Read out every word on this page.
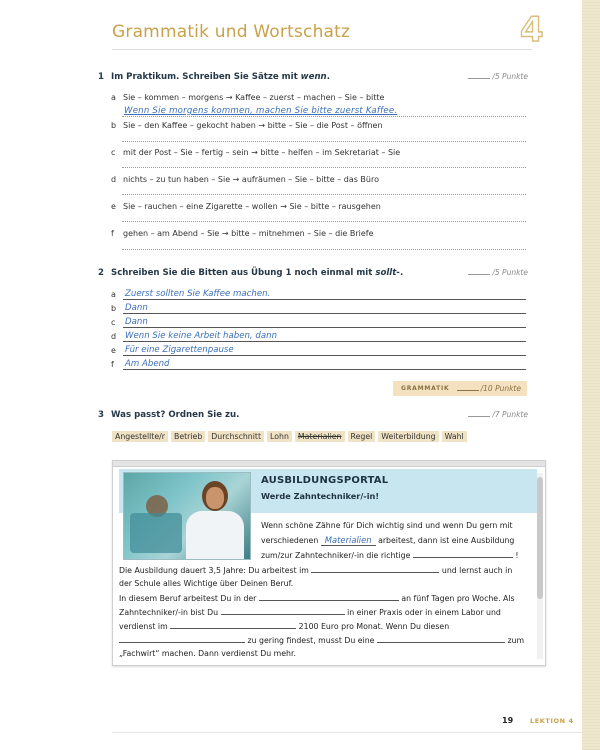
Grammatik und Wortschatz	4
1 Im Praktikum. Schreiben Sie Sätze mit wenn.	/5 Punkte
a Sie – kommen – morgens → Kaffee – zuerst – machen – Sie – bitte
Wenn Sie morgens kommen, machen Sie bitte zuerst Kaffee.
b Sie – den Kaffee – gekocht haben → bitte – Sie – die Post – öffnen
c mit der Post – Sie – fertig – sein → bitte – helfen – im Sekretariat – Sie
d nichts – zu tun haben – Sie → aufräumen – Sie – bitte – das Büro
e Sie – rauchen – eine Zigarette – wollen → Sie – bitte – rausgehen
f gehen – am Abend – Sie → bitte – mitnehmen – Sie – die Briefe
2 Schreiben Sie die Bitten aus Übung 1 noch einmal mit sollt-.	/5 Punkte
a Zuerst sollten Sie Kaffee machen.
b Dann
c Dann
d Wenn Sie keine Arbeit haben, dann
e Für eine Zigarettenpause
f Am Abend
GRAMMATIK	/10 Punkte
3 Was passt? Ordnen Sie zu.	/7 Punkte
Angestellte/r	Betrieb	Durchschnitt	Lohn	Materialien	Regel	Weiterbildung	Wahl
AUSBILDUNGSPORTAL
Werde Zahntechniker/-in!
Wenn schöne Zähne für Dich wichtig sind und wenn Du gern mit
verschiedenen Materialien arbeitest, dann ist eine Ausbildung
zum/zur Zahntechniker/-in die richtige	!
Die Ausbildung dauert 3,5 Jahre: Du arbeitest im	und lernst auch in
der Schule alles Wichtige über Deinen Beruf.
In diesem Beruf arbeitest Du in der	an fünf Tagen pro Woche. Als
Zahntechniker/-in bist Du	in einer Praxis oder in einem Labor und
verdienst im	2100 Euro pro Monat. Wenn Du diesen
zu gering findest, musst Du eine	zum
„Fachwirt“ machen. Dann verdienst Du mehr.
19	LEKTION 4
